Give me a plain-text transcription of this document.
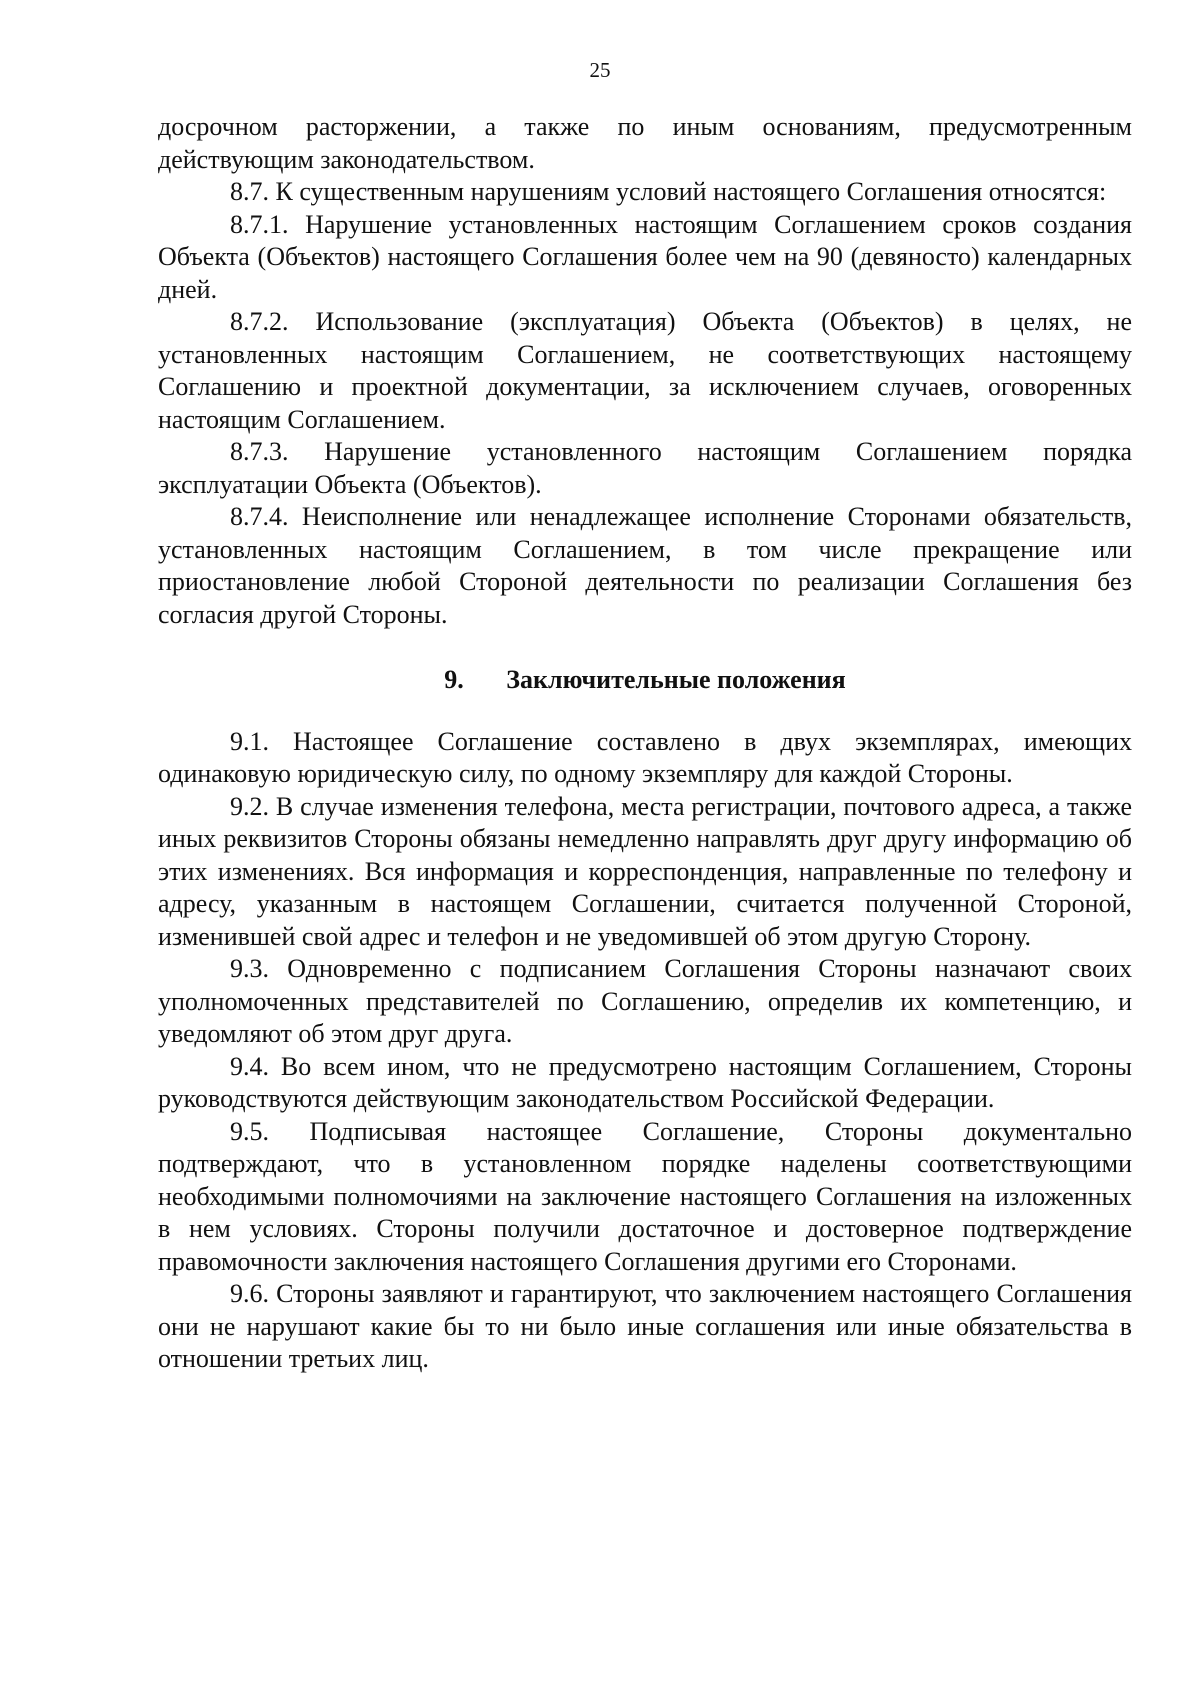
25

досрочном расторжении, а также по иным основаниям, предусмотренным действующим законодательством.

8.7. К существенным нарушениям условий настоящего Соглашения относятся:

8.7.1. Нарушение установленных настоящим Соглашением сроков создания Объекта (Объектов) настоящего Соглашения более чем на 90 (девяносто) календарных дней.

8.7.2. Использование (эксплуатация) Объекта (Объектов) в целях, не установленных настоящим Соглашением, не соответствующих настоящему Соглашению и проектной документации, за исключением случаев, оговоренных настоящим Соглашением.

8.7.3. Нарушение установленного настоящим Соглашением порядка эксплуатации Объекта (Объектов).

8.7.4. Неисполнение или ненадлежащее исполнение Сторонами обязательств, установленных настоящим Соглашением, в том числе прекращение или приостановление любой Стороной деятельности по реализации Соглашения без согласия другой Стороны.

9. Заключительные положения

9.1. Настоящее Соглашение составлено в двух экземплярах, имеющих одинаковую юридическую силу, по одному экземпляру для каждой Стороны.

9.2. В случае изменения телефона, места регистрации, почтового адреса, а также иных реквизитов Стороны обязаны немедленно направлять друг другу информацию об этих изменениях. Вся информация и корреспонденция, направленные по телефону и адресу, указанным в настоящем Соглашении, считается полученной Стороной, изменившей свой адрес и телефон и не уведомившей об этом другую Сторону.

9.3. Одновременно с подписанием Соглашения Стороны назначают своих уполномоченных представителей по Соглашению, определив их компетенцию, и уведомляют об этом друг друга.

9.4. Во всем ином, что не предусмотрено настоящим Соглашением, Стороны руководствуются действующим законодательством Российской Федерации.

9.5. Подписывая настоящее Соглашение, Стороны документально подтверждают, что в установленном порядке наделены соответствующими необходимыми полномочиями на заключение настоящего Соглашения на изложенных в нем условиях. Стороны получили достаточное и достоверное подтверждение правомочности заключения настоящего Соглашения другими его Сторонами.

9.6. Стороны заявляют и гарантируют, что заключением настоящего Соглашения они не нарушают какие бы то ни было иные соглашения или иные обязательства в отношении третьих лиц.
